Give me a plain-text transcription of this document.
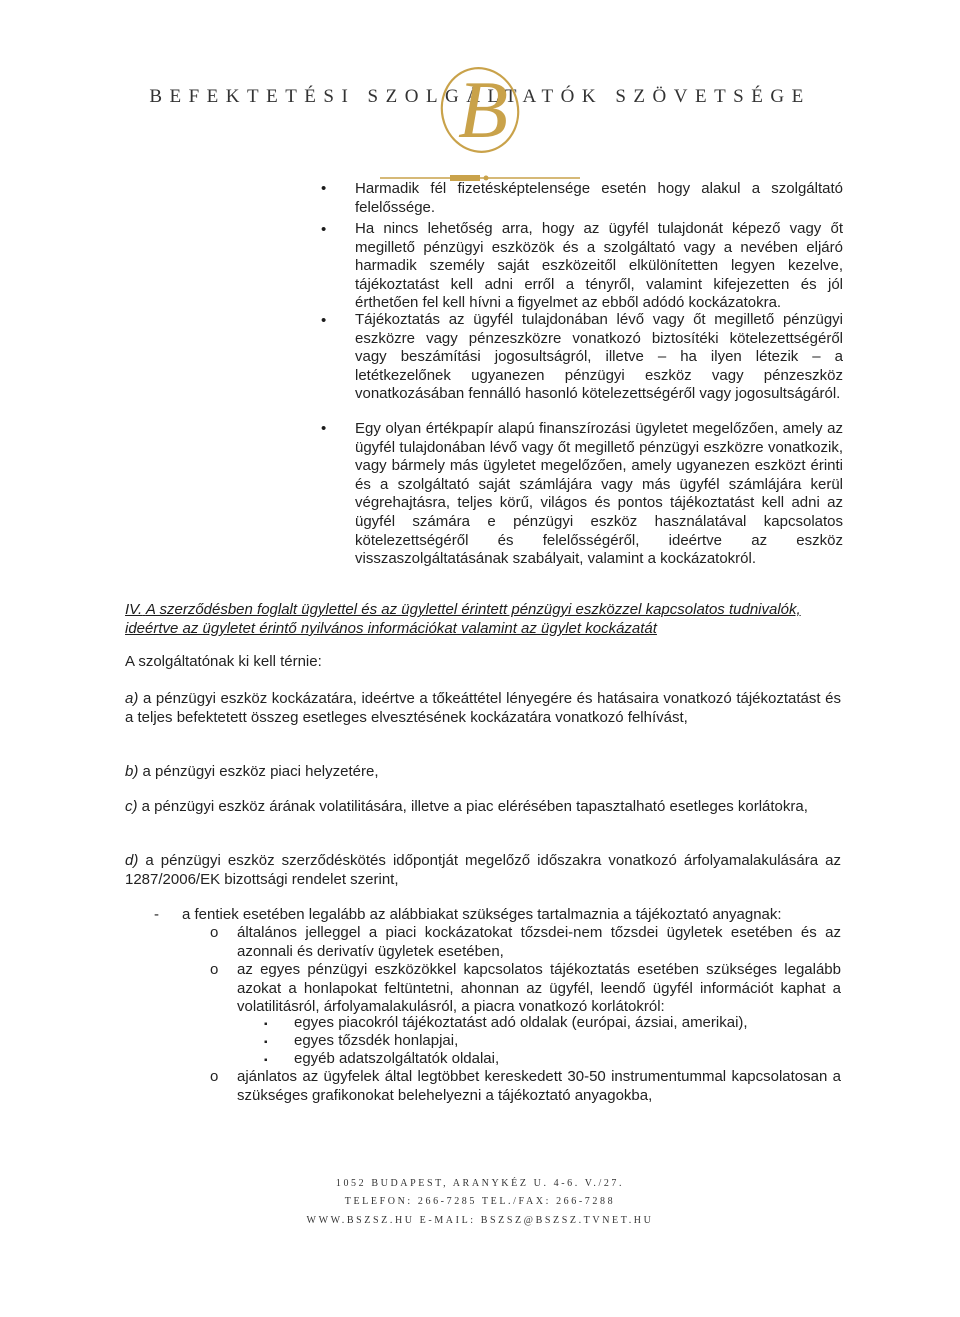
BEFEKTETÉSI SZOLGÁLTATÓK SZÖVETSÉGE
B
• Harmadik fél fizetésképtelensége esetén hogy alakul a szolgáltató felelőssége.
• Ha nincs lehetőség arra, hogy az ügyfél tulajdonát képező vagy őt megillető pénzügyi eszközök és a szolgáltató vagy a nevében eljáró harmadik személy saját eszközeitől elkülönítetten legyen kezelve, tájékoztatást kell adni erről a tényről, valamint kifejezetten és jól érthetően fel kell hívni a figyelmet az ebből adódó kockázatokra.
• Tájékoztatás az ügyfél tulajdonában lévő vagy őt megillető pénzügyi eszközre vagy pénzeszközre vonatkozó biztosítéki kötelezettségéről vagy beszámítási jogosultságról, illetve – ha ilyen létezik – a letétkezelőnek ugyanezen pénzügyi eszköz vagy pénzeszköz vonatkozásában fennálló hasonló kötelezettségéről vagy jogosultságáról.
• Egy olyan értékpapír alapú finanszírozási ügyletet megelőzően, amely az ügyfél tulajdonában lévő vagy őt megillető pénzügyi eszközre vonatkozik, vagy bármely más ügyletet megelőzően, amely ugyanezen eszközt érinti és a szolgáltató saját számlájára vagy más ügyfél számlájára kerül végrehajtásra, teljes körű, világos és pontos tájékoztatást kell adni az ügyfél számára e pénzügyi eszköz használatával kapcsolatos kötelezettségéről és felelősségéről, ideértve az eszköz visszaszolgáltatásának szabályait, valamint a kockázatokról.
IV. A szerződésben foglalt ügylettel és az ügylettel érintett pénzügyi eszközzel kapcsolatos tudnivalók, ideértve az ügyletet érintő nyilvános információkat valamint az ügylet kockázatát
A szolgáltatónak ki kell térnie:
a) a pénzügyi eszköz kockázatára, ideértve a tőkeáttétel lényegére és hatásaira vonatkozó tájékoztatást és a teljes befektetett összeg esetleges elvesztésének kockázatára vonatkozó felhívást,
b) a pénzügyi eszköz piaci helyzetére,
c) a pénzügyi eszköz árának volatilitására, illetve a piac elérésében tapasztalható esetleges korlátokra,
d) a pénzügyi eszköz szerződéskötés időpontját megelőző időszakra vonatkozó árfolyamalakulására az 1287/2006/EK bizottsági rendelet szerint,
- a fentiek esetében legalább az alábbiakat szükséges tartalmaznia a tájékoztató anyagnak:
o általános jelleggel a piaci kockázatokat tőzsdei-nem tőzsdei ügyletek esetében és az azonnali és derivatív ügyletek esetében,
o az egyes pénzügyi eszközökkel kapcsolatos tájékoztatás esetében szükséges legalább azokat a honlapokat feltüntetni, ahonnan az ügyfél, leendő ügyfél információt kaphat a volatilitásról, árfolyamalakulásról, a piacra vonatkozó korlátokról:
▪ egyes piacokról tájékoztatást adó oldalak (európai, ázsiai, amerikai),
▪ egyes tőzsdék honlapjai,
▪ egyéb adatszolgáltatók oldalai,
o ajánlatos az ügyfelek által legtöbbet kereskedett 30-50 instrumentummal kapcsolatosan a szükséges grafikonokat belehelyezni a tájékoztató anyagokba,
1052 BUDAPEST, ARANYKÉZ U. 4-6. V./27.
TELEFON: 266-7285 TEL./FAX: 266-7288
WWW.BSZSZ.HU E-MAIL: BSZSZ@BSZSZ.TVNET.HU
